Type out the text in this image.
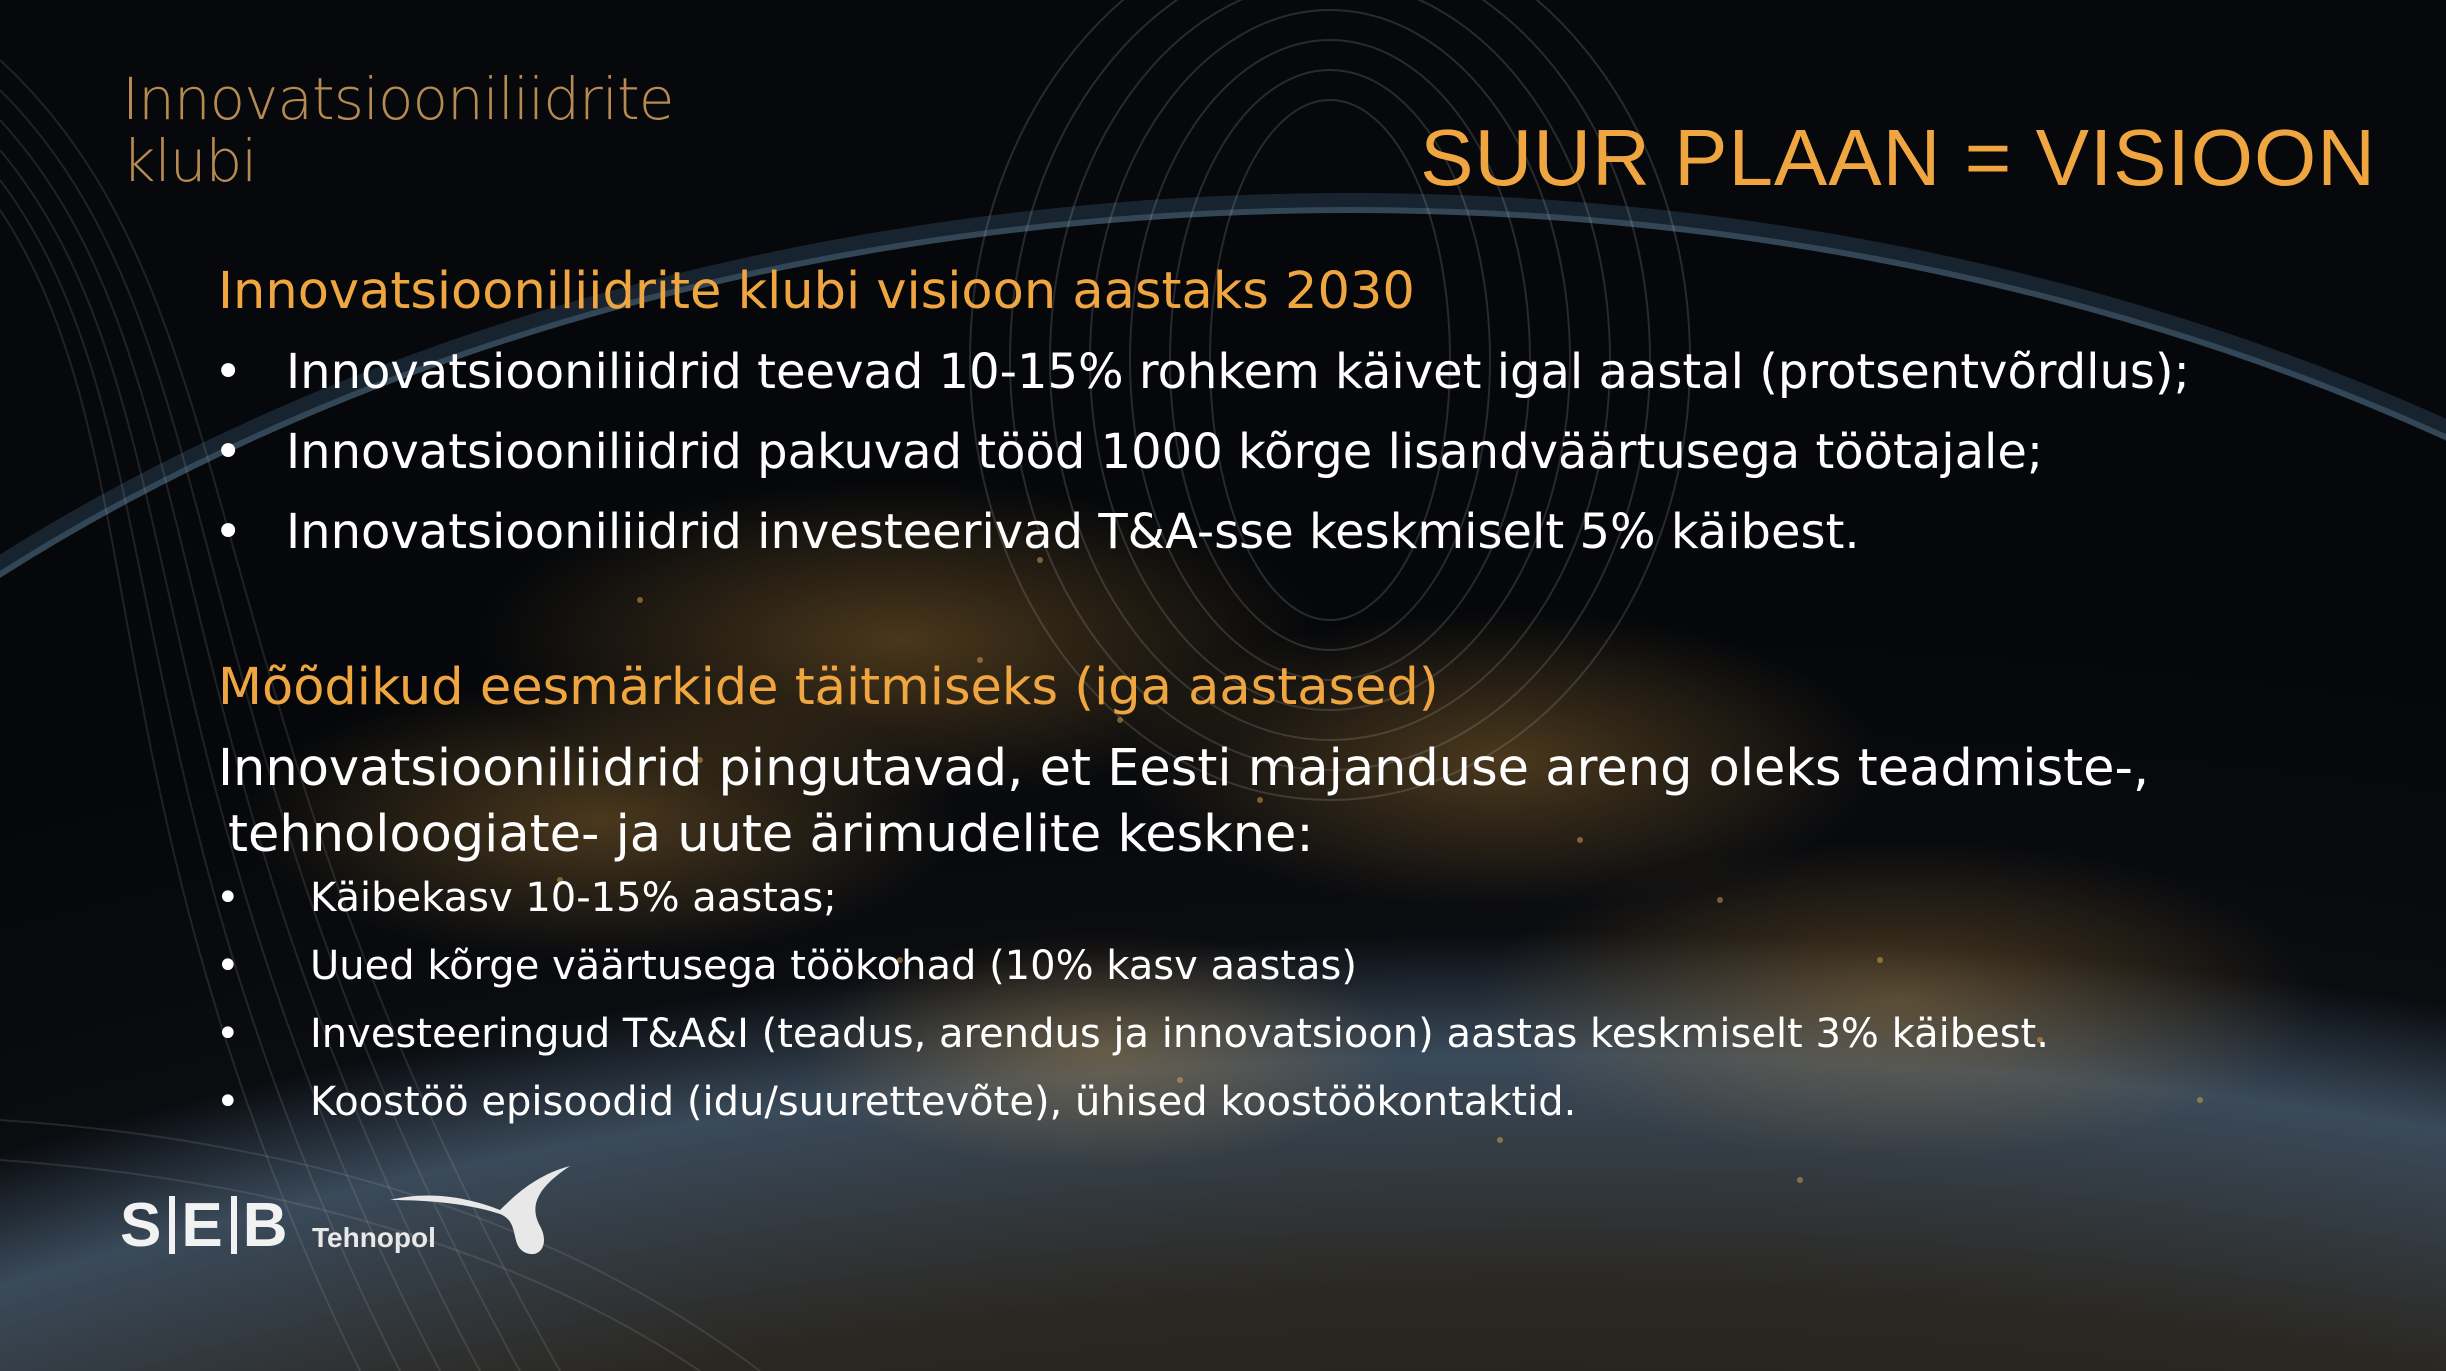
Innovatsiooniliidrite
klubi	SUUR PLAAN = VISIOON
Innovatsiooniliidrite klubi visioon aastaks 2030
• Innovatsiooniliidrid teevad 10-15% rohkem käivet igal aastal (protsentvõrdlus);
• Innovatsiooniliidrid pakuvad tööd 1000 kõrge lisandväärtusega töötajale;
• Innovatsiooniliidrid investeerivad T&A-sse keskmiselt 5% käibest.
Mõõdikud eesmärkide täitmiseks (iga aastased)
Innovatsiooniliidrid pingutavad, et Eesti majanduse areng oleks teadmiste-,
tehnoloogiate- ja uute ärimudelite keskne:
• Käibekasv 10-15% aastas;
• Uued kõrge väärtusega töökohad (10% kasv aastas)
• Investeeringud T&A&I (teadus, arendus ja innovatsioon) aastas keskmiselt 3% käibest.
• Koostöö episoodid (idu/suurettevõte), ühised koostöökontaktid.
S E B Tehnopol
